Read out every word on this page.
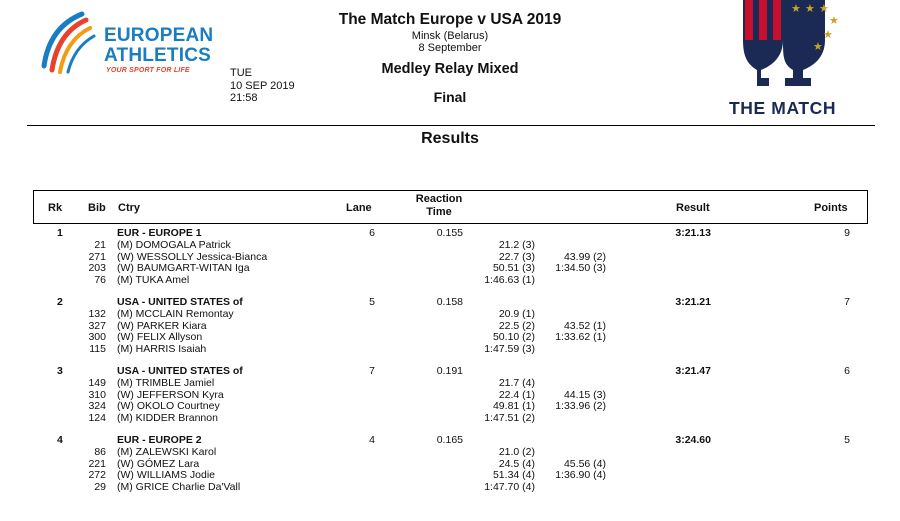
EUROPEAN
ATHLETICS
YOUR SPORT FOR LIFE
The Match Europe v USA 2019
Minsk (Belarus)
8 September
Medley Relay Mixed
Final
TUE
10 SEP 2019
21:58
★ ★ ★
★
★
★
THE MATCH
Results
Rk Bib Ctry	Lane
Reaction
Time	Result	Points
1	EUR - EUROPE 1	6	0.155	3:21.13	9
21 (M) DOMOGALA Patrick	21.2 (3)
271 (W) WESSOLLY Jessica-Bianca	22.7 (3)	43.99 (2)
203 (W) BAUMGART-WITAN Iga	50.51 (3)	1:34.50 (3)
76 (M) TUKA Amel	1:46.63 (1)
2	USA - UNITED STATES of	5	0.158	3:21.21	7
132 (M) MCCLAIN Remontay	20.9 (1)
327 (W) PARKER Kiara	22.5 (2)	43.52 (1)
300 (W) FELIX Allyson	50.10 (2)	1:33.62 (1)
115 (M) HARRIS Isaiah	1:47.59 (3)
3	USA - UNITED STATES of	7	0.191	3:21.47	6
149 (M) TRIMBLE Jamiel	21.7 (4)
310 (W) JEFFERSON Kyra	22.4 (1)	44.15 (3)
324 (W) OKOLO Courtney	49.81 (1)	1:33.96 (2)
124 (M) KIDDER Brannon	1:47.51 (2)
4	EUR - EUROPE 2	4	0.165	3:24.60	5
86 (M) ZALEWSKI Karol	21.0 (2)
221 (W) GÓMEZ Lara	24.5 (4)	45.56 (4)
272 (W) WILLIAMS Jodie	51.34 (4)	1:36.90 (4)
29 (M) GRICE Charlie Da'Vall	1:47.70 (4)
